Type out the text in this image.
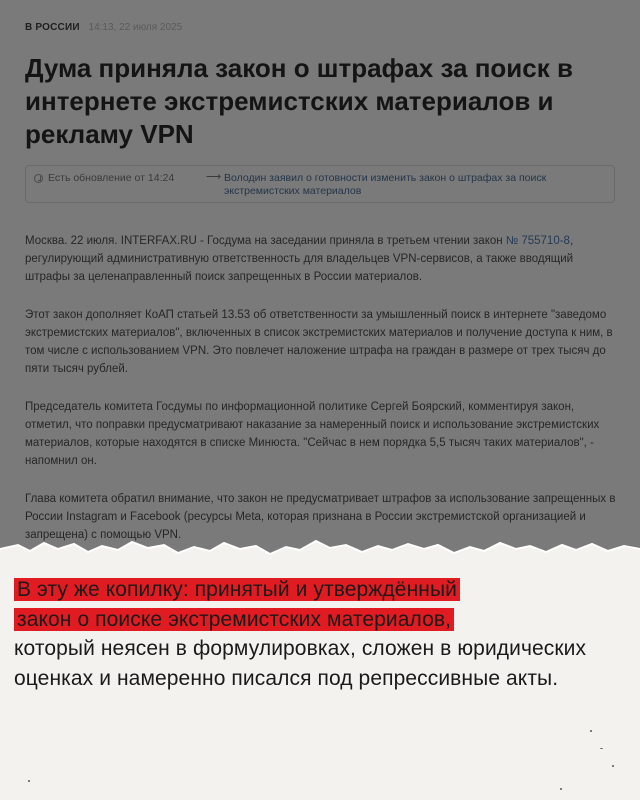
В РОССИИ 14:13, 22 июля 2025
Дума приняла закон о штрафах за поиск в интернете экстремистских материалов и рекламу VPN
Есть обновление от 14:24	⟶ Володин заявил о готовности изменить закон о штрафах за поиск экстремистских материалов

Москва. 22 июля. INTERFAX.RU - Госдума на заседании приняла в третьем чтении закон № 755710-8, регулирующий административную ответственность для владельцев VPN-сервисов, а также вводящий штрафы за целенаправленный поиск запрещенных в России материалов.

Этот закон дополняет КоАП статьей 13.53 об ответственности за умышленный поиск в интернете "заведомо экстремистских материалов", включенных в список экстремистских материалов и получение доступа к ним, в том числе с использованием VPN. Это повлечет наложение штрафа на граждан в размере от трех тысяч до пяти тысяч рублей.

Председатель комитета Госдумы по информационной политике Сергей Боярский, комментируя закон, отметил, что поправки предусматривают наказание за намеренный поиск и использование экстремистских материалов, которые находятся в списке Минюста. "Сейчас в нем порядка 5,5 тысяч таких материалов", - напомнил он.

Глава комитета обратил внимание, что закон не предусматривает штрафов за использование запрещенных в России Instagram и Facebook (ресурсы Meta, которая признана в России экстремистской организацией и запрещена) с помощью VPN.

В эту же копилку: принятый и утверждённый
закон о поиске экстремистских материалов,
который неясен в формулировках, сложен в юридических оценках и намеренно писался под репрессивные акты.
